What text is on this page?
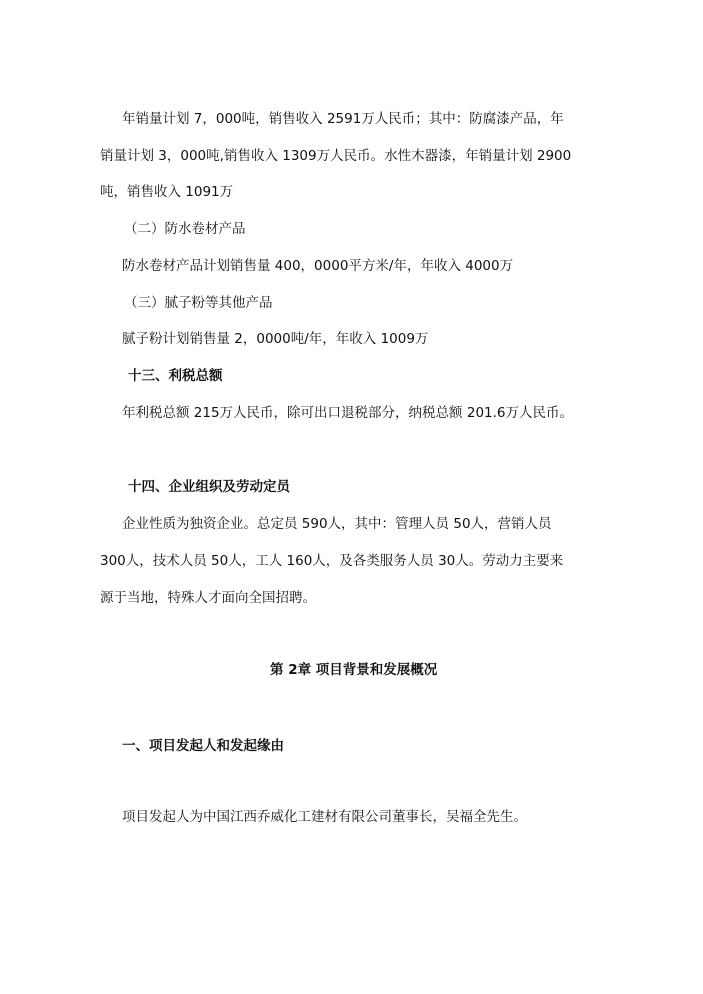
年销量计划 7，000吨，销售收入 2591万人民币；其中：防腐漆产品，年
销量计划 3，000吨,销售收入 1309万人民币。水性木器漆，年销量计划 2900
吨，销售收入 1091万
（二）防水卷材产品
防水卷材产品计划销售量 400，0000平方米/年，年收入 4000万
（三）腻子粉等其他产品
腻子粉计划销售量 2，0000吨/年，年收入 1009万
十三、利税总额
年利税总额 215万人民币，除可出口退税部分，纳税总额 201.6万人民币。
十四、企业组织及劳动定员
企业性质为独资企业。总定员 590人，其中：管理人员 50人，营销人员
300人，技术人员 50人，工人 160人，及各类服务人员 30人。劳动力主要来
源于当地，特殊人才面向全国招聘。
第 2章 项目背景和发展概况
一、项目发起人和发起缘由
项目发起人为中国江西乔威化工建材有限公司董事长，吴福全先生。
